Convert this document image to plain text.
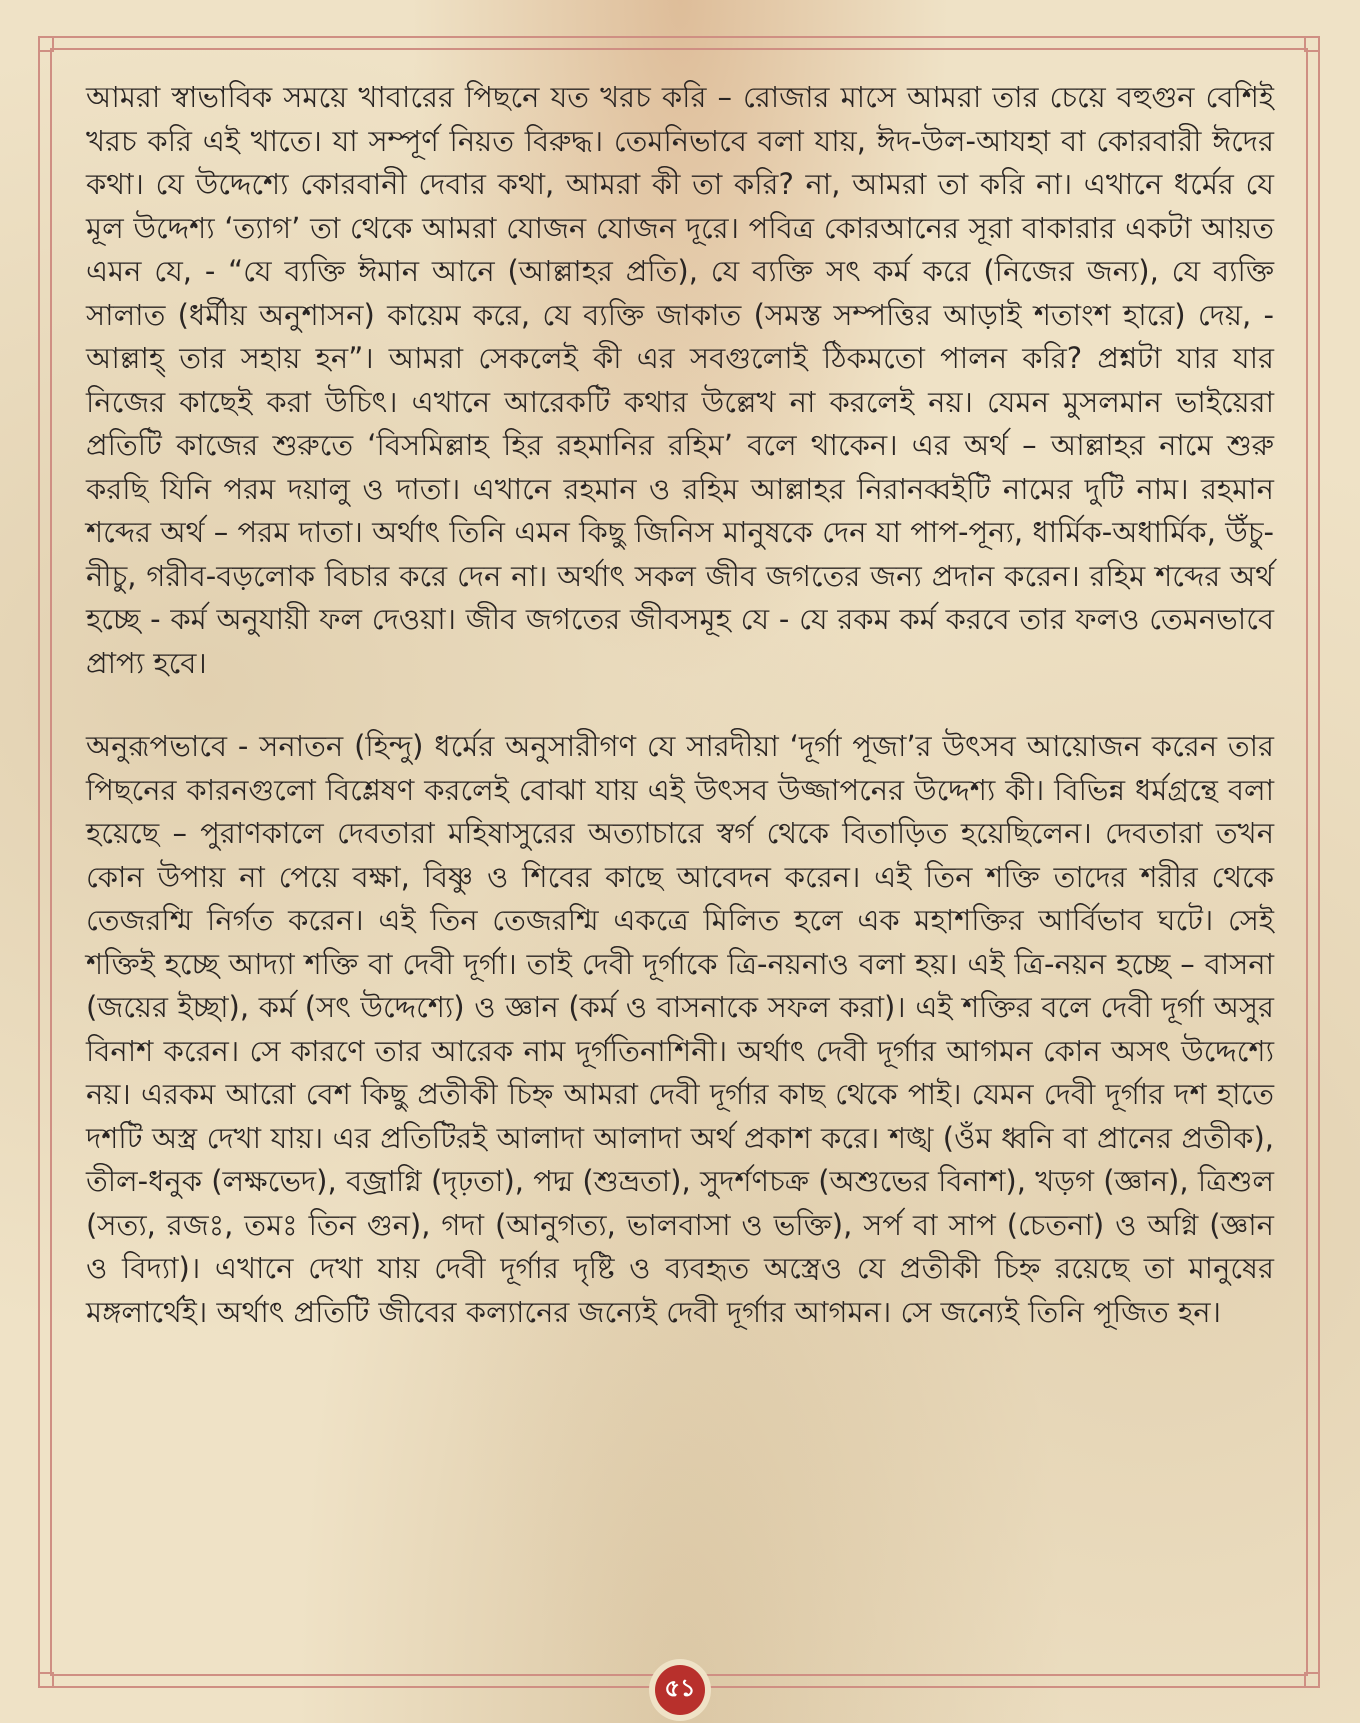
আমরা স্বাভাবিক সময়ে খাবারের পিছনে যত খরচ করি – রোজার মাসে আমরা তার চেয়ে বহুগুন বেশিই খরচ করি এই খাতে। যা সম্পূর্ণ নিয়ত বিরুদ্ধ। তেমনিভাবে বলা যায়, ঈদ-উল-আযহা বা কোরবারী ঈদের কথা। যে উদ্দেশ্যে কোরবানী দেবার কথা, আমরা কী তা করি? না, আমরা তা করি না। এখানে ধর্মের যে মূল উদ্দেশ্য ‘ত্যাগ’ তা থেকে আমরা যোজন যোজন দূরে। পবিত্র কোরআনের সূরা বাকারার একটা আয়ত এমন যে, - “যে ব্যক্তি ঈমান আনে (আল্লাহর প্রতি), যে ব্যক্তি সৎ কর্ম করে (নিজের জন্য), যে ব্যক্তি সালাত (ধর্মীয় অনুশাসন) কায়েম করে, যে ব্যক্তি জাকাত (সমস্ত সম্পত্তির আড়াই শতাংশ হারে) দেয়, - আল্লাহ্‌ তার সহায় হন”। আমরা সেকলেই কী এর সবগুলোই ঠিকমতো পালন করি? প্রশ্নটা যার যার নিজের কাছেই করা উচিৎ। এখানে আরেকটি কথার উল্লেখ না করলেই নয়। যেমন মুসলমান ভাইয়েরা প্রতিটি কাজের শুরুতে ‘বিসমিল্লাহ হির রহমানির রহিম’ বলে থাকেন। এর অর্থ – আল্লাহর নামে শুরু করছি যিনি পরম দয়ালু ও দাতা। এখানে রহমান ও রহিম আল্লাহর নিরানব্বইটি নামের দুটি নাম। রহমান শব্দের অর্থ – পরম দাতা। অর্থাৎ তিনি এমন কিছু জিনিস মানুষকে দেন যা পাপ-পূন্য, ধার্মিক-অধার্মিক, উঁচু-নীচু, গরীব-বড়লোক বিচার করে দেন না। অর্থাৎ সকল জীব জগতের জন্য প্রদান করেন। রহিম শব্দের অর্থ হচ্ছে - কর্ম অনুযায়ী ফল দেওয়া। জীব জগতের জীবসমূহ যে - যে রকম কর্ম করবে তার ফলও তেমনভাবে প্রাপ্য হবে।

অনুরূপভাবে - সনাতন (হিন্দু) ধর্মের অনুসারীগণ যে সারদীয়া ‘দূর্গা পূজা’র উৎসব আয়োজন করেন তার পিছনের কারনগুলো বিশ্লেষণ করলেই বোঝা যায় এই উৎসব উজ্জাপনের উদ্দেশ্য কী। বিভিন্ন ধর্মগ্রন্থে বলা হয়েছে – পুরাণকালে দেবতারা মহিষাসুরের অত্যাচারে স্বর্গ থেকে বিতাড়িত হয়েছিলেন। দেবতারা তখন কোন উপায় না পেয়ে বক্ষা, বিষ্ণু ও শিবের কাছে আবেদন করেন। এই তিন শক্তি তাদের শরীর থেকে তেজরশ্মি নির্গত করেন। এই তিন তেজরশ্মি একত্রে মিলিত হলে এক মহাশক্তির আর্বিভাব ঘটে। সেই শক্তিই হচ্ছে আদ্যা শক্তি বা দেবী দূর্গা। তাই দেবী দূর্গাকে ত্রি-নয়নাও বলা হয়। এই ত্রি-নয়ন হচ্ছে – বাসনা (জয়ের ইচ্ছা), কর্ম (সৎ উদ্দেশ্যে) ও জ্ঞান (কর্ম ও বাসনাকে সফল করা)। এই শক্তির বলে দেবী দূর্গা অসুর বিনাশ করেন। সে কারণে তার আরেক নাম দূর্গতিনাশিনী। অর্থাৎ দেবী দূর্গার আগমন কোন অসৎ উদ্দেশ্যে নয়। এরকম আরো বেশ কিছু প্রতীকী চিহ্ন আমরা দেবী দূর্গার কাছ থেকে পাই। যেমন দেবী দূর্গার দশ হাতে দশটি অস্ত্র দেখা যায়। এর প্রতিটিরই আলাদা আলাদা অর্থ প্রকাশ করে। শঙ্খ (ওঁম ধ্বনি বা প্রানের প্রতীক), তীল-ধনুক (লক্ষভেদ), বজ্রাগ্নি (দৃঢ়তা), পদ্ম (শুভ্রতা), সুদর্শণচক্র (অশুভের বিনাশ), খড়গ (জ্ঞান), ত্রিশুল (সত্য, রজঃ, তমঃ তিন গুন), গদা (আনুগত্য, ভালবাসা ও ভক্তি), সর্প বা সাপ (চেতনা) ও অগ্নি (জ্ঞান ও বিদ্যা)। এখানে দেখা যায় দেবী দূর্গার দৃষ্টি ও ব্যবহৃত অস্ত্রেও যে প্রতীকী চিহ্ন রয়েছে তা মানুষের মঙ্গলার্থেই। অর্থাৎ প্রতিটি জীবের কল্যানের জন্যেই দেবী দূর্গার আগমন। সে জন্যেই তিনি পূজিত হন।

৫১
